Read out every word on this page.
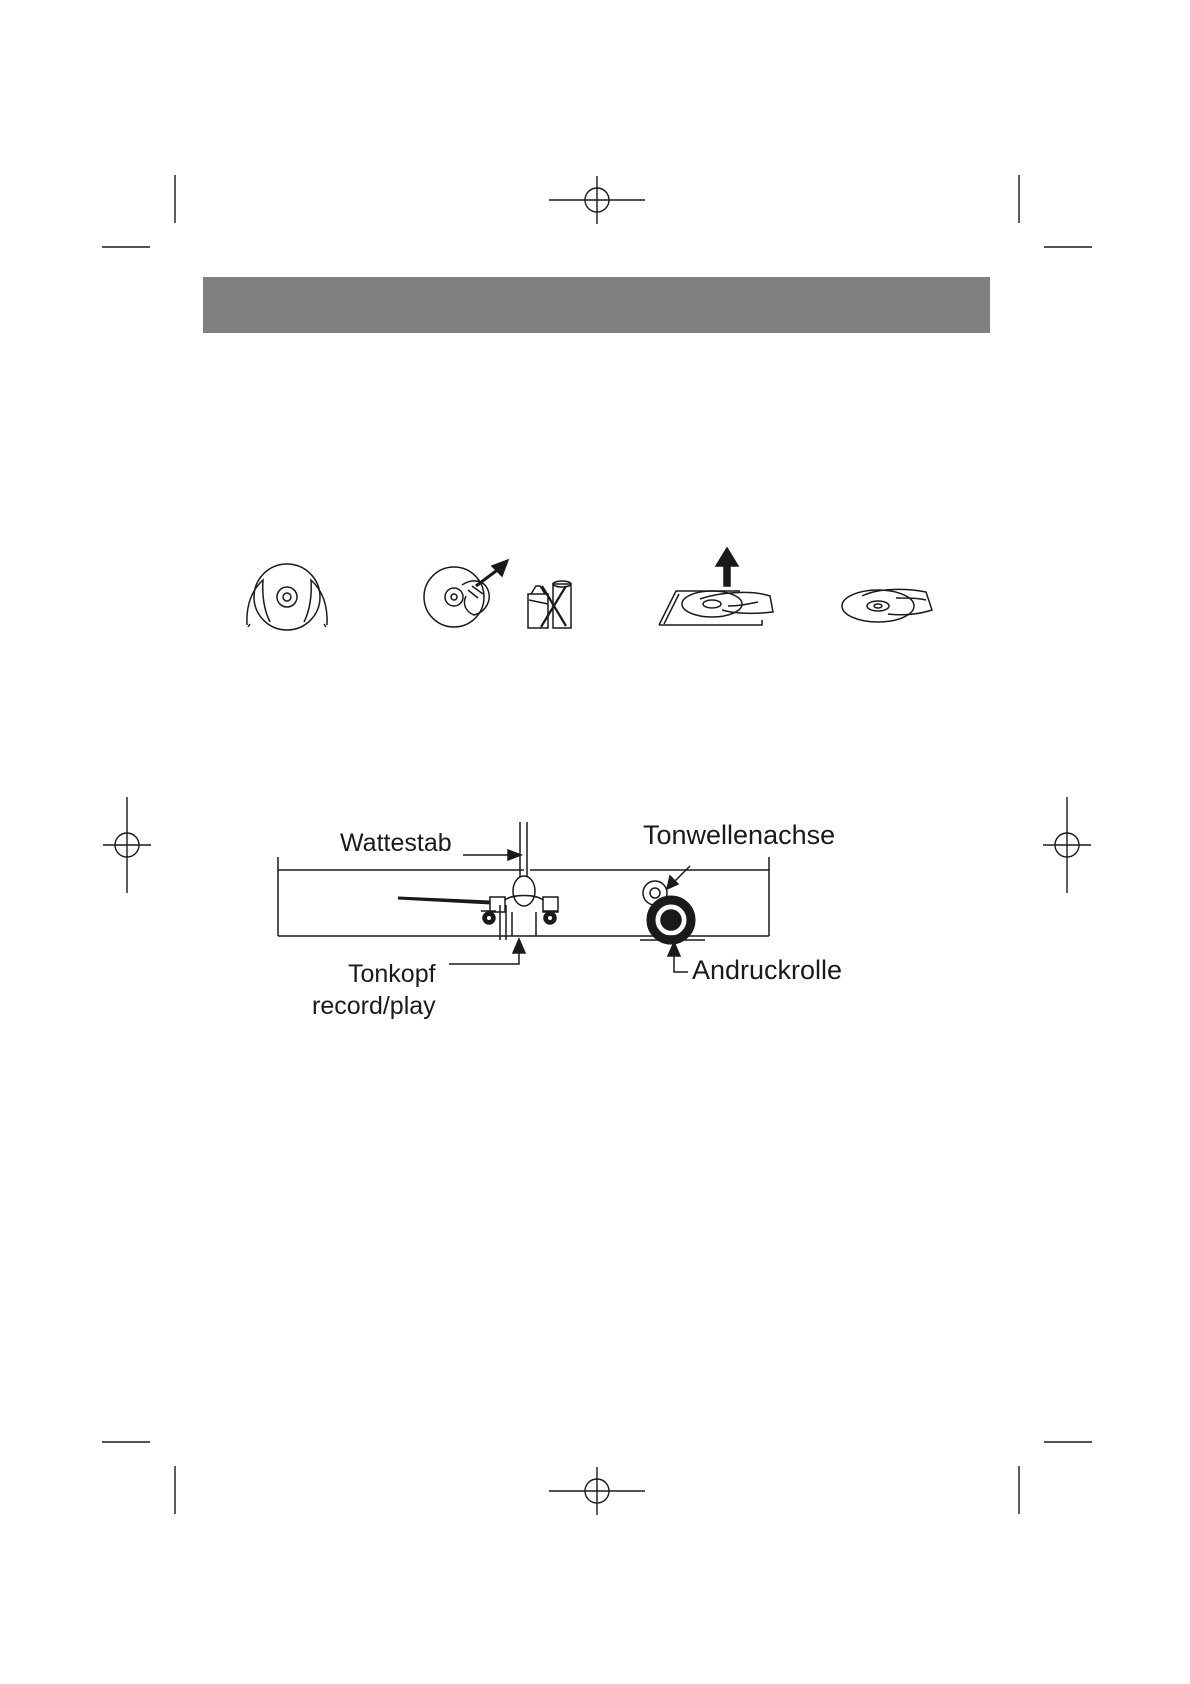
Wattestab	Tonwellenachse
Tonkopf
record/play
Andruckrolle
